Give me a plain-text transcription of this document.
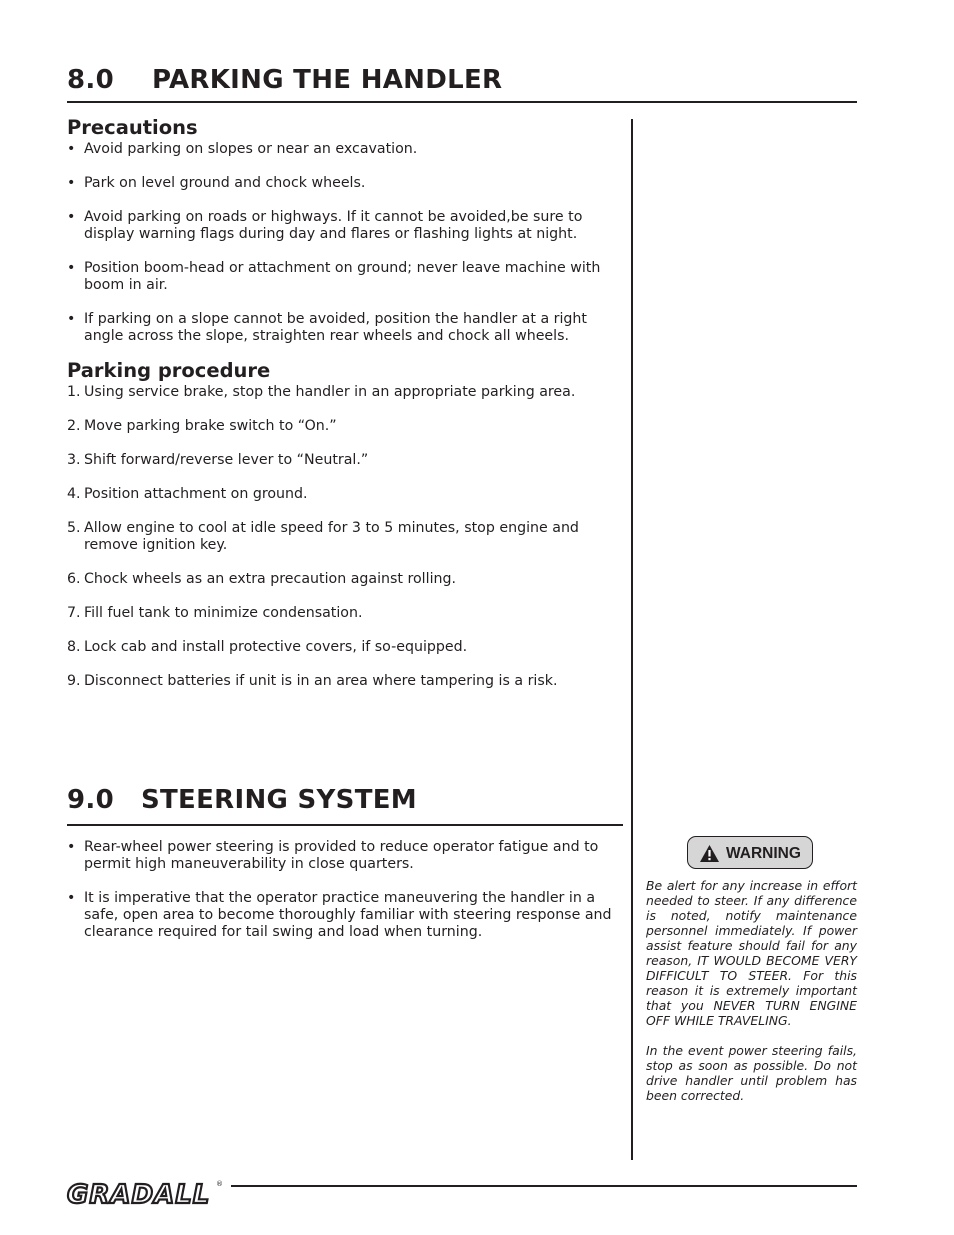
8.0 PARKING THE HANDLER
Precautions
• Avoid parking on slopes or near an excavation.
• Park on level ground and chock wheels.
• Avoid parking on roads or highways. If it cannot be avoided,be sure to
display warning flags during day and flares or flashing lights at night.
• Position boom-head or attachment on ground; never leave machine with
boom in air.
• If parking on a slope cannot be avoided, position the handler at a right
angle across the slope, straighten rear wheels and chock all wheels.
Parking procedure
1. Using service brake, stop the handler in an appropriate parking area.
2. Move parking brake switch to “On.”
3. Shift forward/reverse lever to “Neutral.”
4. Position attachment on ground.
5. Allow engine to cool at idle speed for 3 to 5 minutes, stop engine and
remove ignition key.
6. Chock wheels as an extra precaution against rolling.
7. Fill fuel tank to minimize condensation.
8. Lock cab and install protective covers, if so-equipped.
9. Disconnect batteries if unit is in an area where tampering is a risk.
9.0 STEERING SYSTEM
• Rear-wheel power steering is provided to reduce operator fatigue and to
permit high maneuverability in close quarters.
• It is imperative that the operator practice maneuvering the handler in a
safe, open area to become thoroughly familiar with steering response and
clearance required for tail swing and load when turning.
WARNING

Be alert for any increase in effort needed to steer. If any difference is noted, notify maintenance personnel immediately. If power assist feature should fail for any reason, IT WOULD BECOME VERY DIFFICULT TO STEER. For this reason it is extremely important that you NEVER TURN ENGINE OFF WHILE TRAVELING.

In the event power steering fails, stop as soon as possible. Do not drive handler until problem has been corrected.

GRADALL ®
